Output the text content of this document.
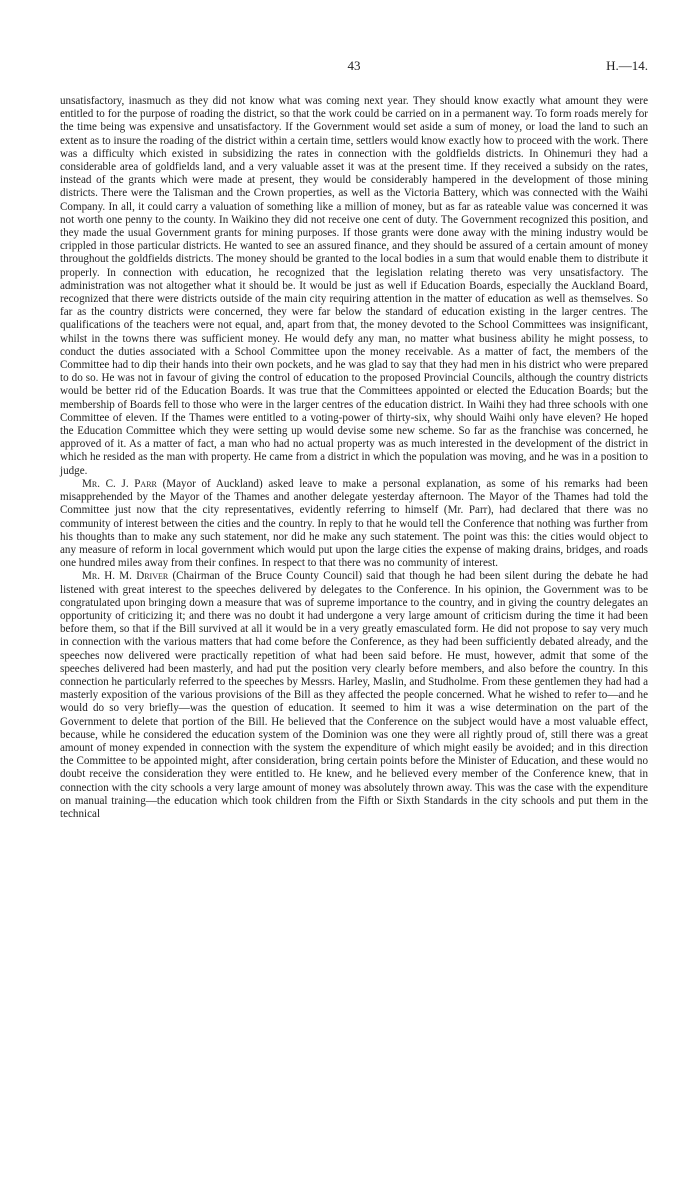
43	H.—14.

unsatisfactory, inasmuch as they did not know what was coming next year. They should know exactly what amount they were entitled to for the purpose of roading the district, so that the work could be carried on in a permanent way. To form roads merely for the time being was expensive and unsatisfactory. If the Government would set aside a sum of money, or load the land to such an extent as to insure the roading of the district within a certain time, settlers would know exactly how to proceed with the work. There was a difficulty which existed in subsidizing the rates in connection with the goldfields districts. In Ohinemuri they had a considerable area of goldfields land, and a very valuable asset it was at the present time. If they received a subsidy on the rates, instead of the grants which were made at present, they would be considerably hampered in the development of those mining districts. There were the Talisman and the Crown properties, as well as the Victoria Battery, which was connected with the Waihi Company. In all, it could carry a valuation of something like a million of money, but as far as rateable value was concerned it was not worth one penny to the county. In Waikino they did not receive one cent of duty. The Government recognized this position, and they made the usual Government grants for mining purposes. If those grants were done away with the mining industry would be crippled in those particular districts. He wanted to see an assured finance, and they should be assured of a certain amount of money throughout the goldfields districts. The money should be granted to the local bodies in a sum that would enable them to distribute it properly. In connection with education, he recognized that the legislation relating thereto was very unsatisfactory. The administration was not altogether what it should be. It would be just as well if Education Boards, especially the Auckland Board, recognized that there were districts outside of the main city requiring attention in the matter of education as well as themselves. So far as the country districts were concerned, they were far below the standard of education existing in the larger centres. The qualifications of the teachers were not equal, and, apart from that, the money devoted to the School Committees was insignificant, whilst in the towns there was sufficient money. He would defy any man, no matter what business ability he might possess, to conduct the duties associated with a School Committee upon the money receivable. As a matter of fact, the members of the Committee had to dip their hands into their own pockets, and he was glad to say that they had men in his district who were prepared to do so. He was not in favour of giving the control of education to the proposed Provincial Councils, although the country districts would be better rid of the Education Boards. It was true that the Committees appointed or elected the Education Boards; but the membership of Boards fell to those who were in the larger centres of the education district. In Waihi they had three schools with one Committee of eleven. If the Thames were entitled to a voting-power of thirty-six, why should Waihi only have eleven? He hoped the Education Committee which they were setting up would devise some new scheme. So far as the franchise was concerned, he approved of it. As a matter of fact, a man who had no actual property was as much interested in the development of the district in which he resided as the man with property. He came from a district in which the population was moving, and he was in a position to judge.

Mr. C. J. Parr (Mayor of Auckland) asked leave to make a personal explanation, as some of his remarks had been misapprehended by the Mayor of the Thames and another delegate yesterday afternoon. The Mayor of the Thames had told the Committee just now that the city representatives, evidently referring to himself (Mr. Parr), had declared that there was no community of interest between the cities and the country. In reply to that he would tell the Conference that nothing was further from his thoughts than to make any such statement, nor did he make any such statement. The point was this: the cities would object to any measure of reform in local government which would put upon the large cities the expense of making drains, bridges, and roads one hundred miles away from their confines. In respect to that there was no community of interest.

Mr. H. M. Driver (Chairman of the Bruce County Council) said that though he had been silent during the debate he had listened with great interest to the speeches delivered by delegates to the Conference. In his opinion, the Government was to be congratulated upon bringing down a measure that was of supreme importance to the country, and in giving the country delegates an opportunity of criticizing it; and there was no doubt it had undergone a very large amount of criticism during the time it had been before them, so that if the Bill survived at all it would be in a very greatly emasculated form. He did not propose to say very much in connection with the various matters that had come before the Conference, as they had been sufficiently debated already, and the speeches now delivered were practically repetition of what had been said before. He must, however, admit that some of the speeches delivered had been masterly, and had put the position very clearly before members, and also before the country. In this connection he particularly referred to the speeches by Messrs. Harley, Maslin, and Studholme. From these gentlemen they had had a masterly exposition of the various provisions of the Bill as they affected the people concerned. What he wished to refer to—and he would do so very briefly—was the question of education. It seemed to him it was a wise determination on the part of the Government to delete that portion of the Bill. He believed that the Conference on the subject would have a most valuable effect, because, while he considered the education system of the Dominion was one they were all rightly proud of, still there was a great amount of money expended in connection with the system the expenditure of which might easily be avoided; and in this direction the Committee to be appointed might, after consideration, bring certain points before the Minister of Education, and these would no doubt receive the consideration they were entitled to. He knew, and he believed every member of the Conference knew, that in connection with the city schools a very large amount of money was absolutely thrown away. This was the case with the expenditure on manual training—the education which took children from the Fifth or Sixth Standards in the city schools and put them in the technical
